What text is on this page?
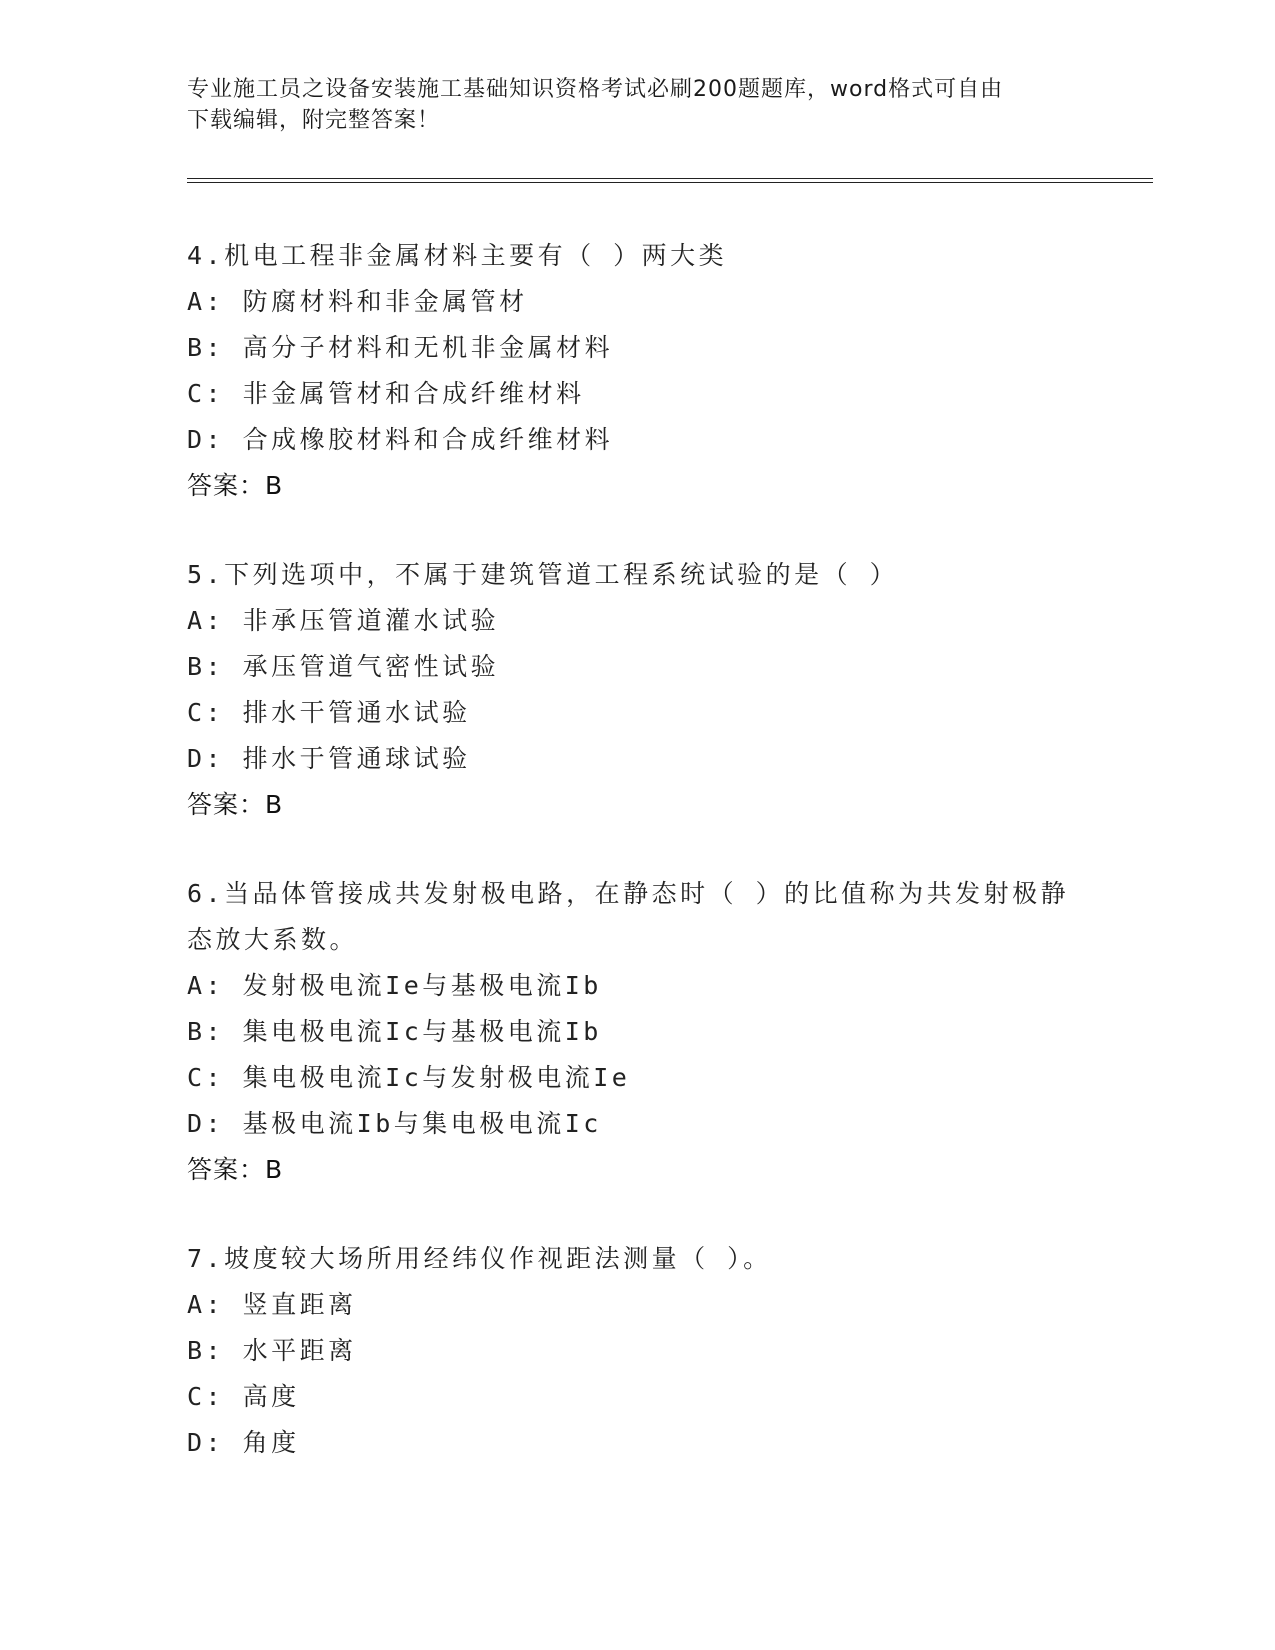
专业施工员之设备安装施工基础知识资格考试必刷200题题库，word格式可自由
下载编辑，附完整答案！
4.机电工程非金属材料主要有（ ）两大类
A: 防腐材料和非金属管材
B: 高分子材料和无机非金属材料
C: 非金属管材和合成纤维材料
D: 合成橡胶材料和合成纤维材料
答案：B
5.下列选项中，不属于建筑管道工程系统试验的是（ ）
A: 非承压管道灌水试验
B: 承压管道气密性试验
C: 排水干管通水试验
D: 排水于管通球试验
答案：B
6.当品体管接成共发射极电路，在静态时（ ）的比值称为共发射极静
态放大系数。
A: 发射极电流Ie与基极电流Ib
B: 集电极电流Ic与基极电流Ib
C: 集电极电流Ic与发射极电流Ie
D: 基极电流Ib与集电极电流Ic
答案：B
7.坡度较大场所用经纬仪作视距法测量（ ）。
A: 竖直距离
B: 水平距离
C: 高度
D: 角度
